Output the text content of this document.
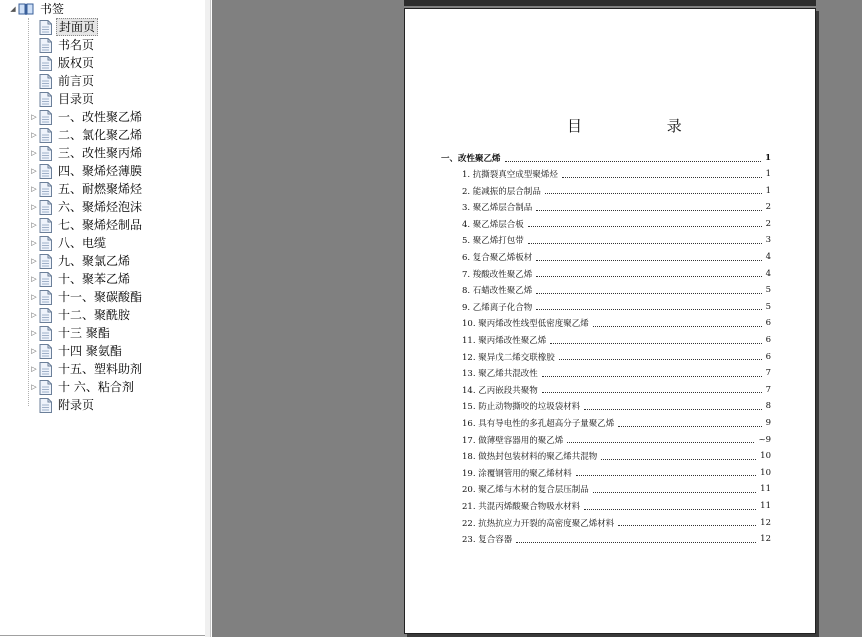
◢ 书签
封面页
书名页
版权页
前言页
目录页
▷ 一、改性聚乙烯
▷ 二、氯化聚乙烯
▷ 三、改性聚丙烯
▷ 四、聚烯烃薄膜
▷ 五、耐燃聚烯烃
▷ 六、聚烯烃泡沫
▷ 七、聚烯烃制品
▷ 八、电缆
▷ 九、聚氯乙烯
▷ 十、聚苯乙烯
▷ 十一、聚碳酸酯
▷ 十二、聚酰胺
▷ 十三 聚酯
▷ 十四 聚氨酯
▷ 十五、塑料助剂
▷ 十 六、粘合剂
附录页
目 录
一、改性聚乙烯	1
1. 抗撕裂真空成型聚烯烃	1
2. 能减振的层合制品	1
3. 聚乙烯层合制品	2
4. 聚乙烯层合板	2
5. 聚乙烯打包带	3
6. 复合聚乙烯板材	4
7. 羧酸改性聚乙烯	4
8. 石蜡改性聚乙烯	5
9. 乙烯离子化合物	5
10. 聚丙烯改性线型低密度聚乙烯	6
11. 聚丙烯改性聚乙烯	6
12. 聚异戊二烯交联橡胶	6
13. 聚乙烯共混改性	7
14. 乙丙嵌段共聚物	7
15. 防止动物撕咬的垃圾袋材料	8
16. 具有导电性的多孔超高分子量聚乙烯	9
17. 做薄壁容器用的聚乙烯	~9
18. 做热封包装材料的聚乙烯共混物	10
19. 涂覆钢管用的聚乙烯材料	10
20. 聚乙烯与木材的复合层压制品	11
21. 共混丙烯酸聚合物吸水材料	11
22. 抗热抗应力开裂的高密度聚乙烯材料	12
23. 复合容器	12
